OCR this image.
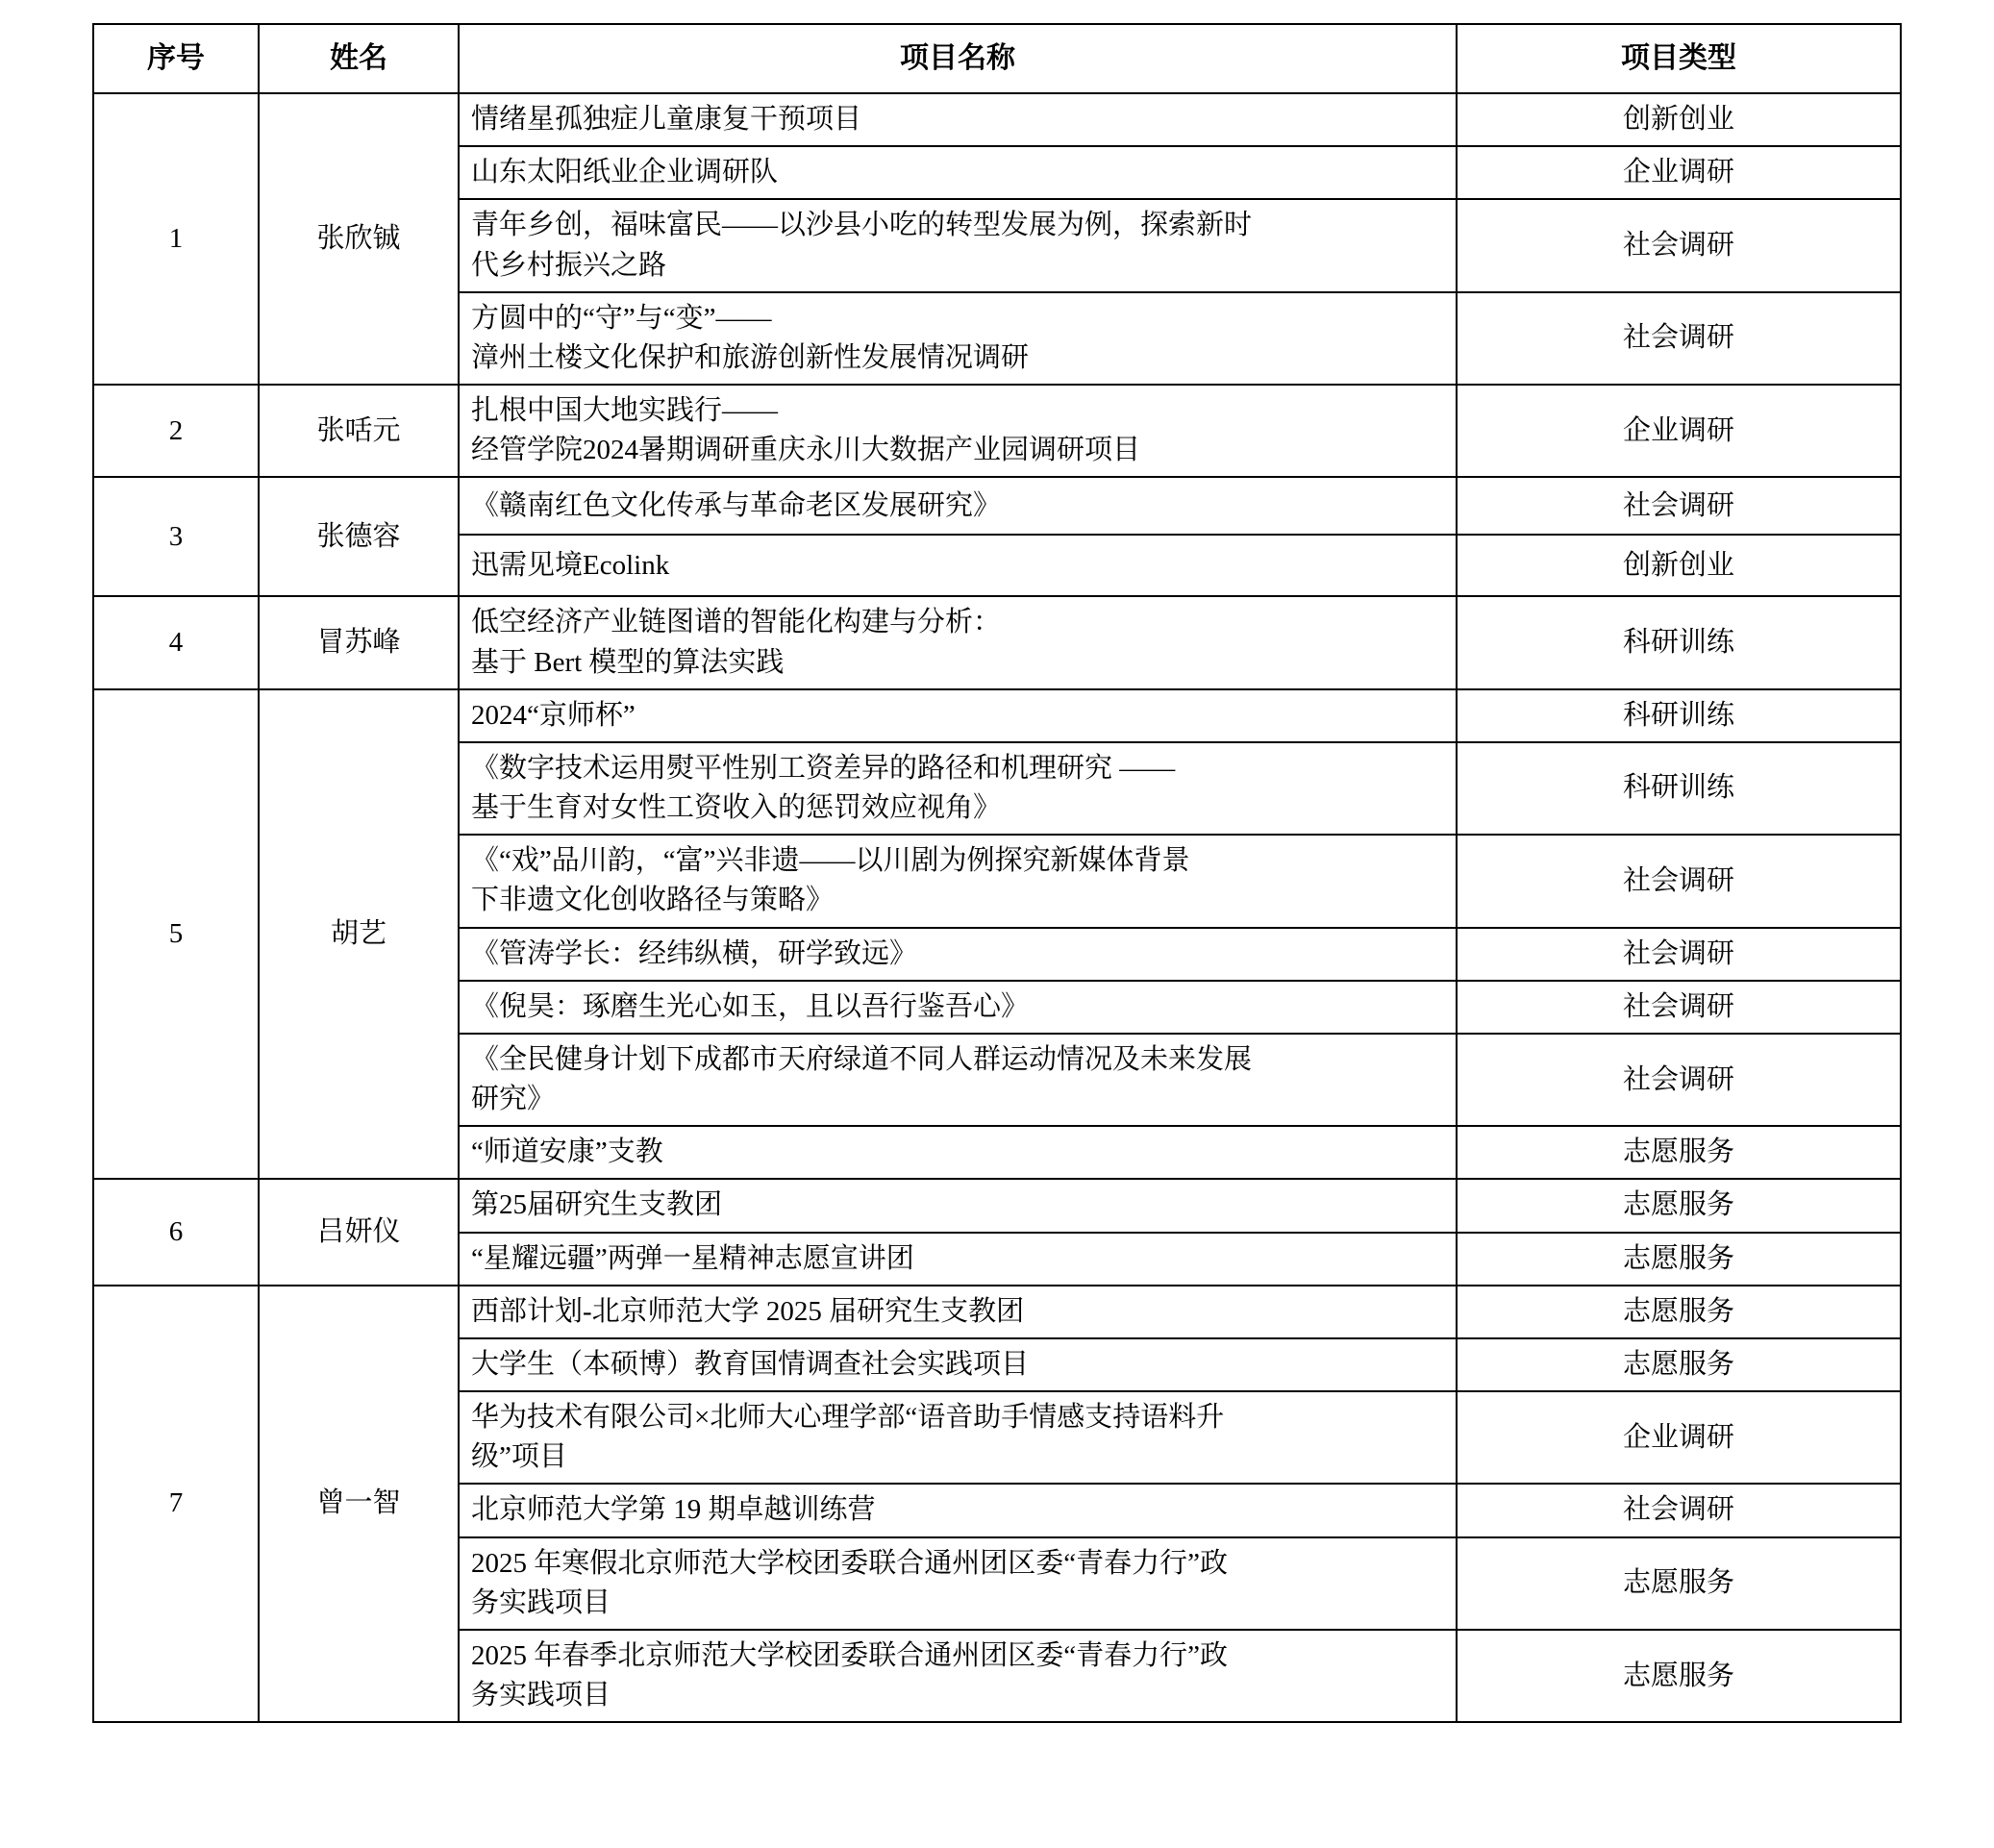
序号	姓名	项目名称	项目类型
1	张欣铖	情绪星孤独症儿童康复干预项目	创新创业

		山东太阳纸业企业调研队	企业调研

		青年乡创，福味富民——以沙县小吃的转型发展为例，探索新时
代乡村振兴之路	社会调研

		方圆中的“守”与“变”——
漳州土楼文化保护和旅游创新性发展情况调研	社会调研
2	张咶元	扎根中国大地实践行——
经管学院2024暑期调研重庆永川大数据产业园调研项目	企业调研
3	张德容	《赣南红色文化传承与革命老区发展研究》	社会调研

		迅需见境Ecolink	创新创业
4	冒苏峰	低空经济产业链图谱的智能化构建与分析：
基于 Bert 模型的算法实践	科研训练
5	胡艺	2024“京师杯”	科研训练

		《数字技术运用熨平性别工资差异的路径和机理研究 ——
基于生育对女性工资收入的惩罚效应视角》	科研训练

		《“戏”品川韵，“富”兴非遗——以川剧为例探究新媒体背景
下非遗文化创收路径与策略》	社会调研

		《管涛学长：经纬纵横，研学致远》	社会调研

		《倪昊：琢磨生光心如玉，且以吾行鉴吾心》	社会调研

		《全民健身计划下成都市天府绿道不同人群运动情况及未来发展
研究》	社会调研

		“师道安康”支教	志愿服务
6	吕妍仪	第25届研究生支教团	志愿服务

		“星耀远疆”两弹一星精神志愿宣讲团	志愿服务
7	曾一智	西部计划-北京师范大学 2025 届研究生支教团	志愿服务

		大学生（本硕博）教育国情调查社会实践项目	志愿服务

		华为技术有限公司×北师大心理学部“语音助手情感支持语料升
级”项目	企业调研

		北京师范大学第 19 期卓越训练营	社会调研

		2025 年寒假北京师范大学校团委联合通州团区委“青春力行”政
务实践项目	志愿服务

		2025 年春季北京师范大学校团委联合通州团区委“青春力行”政
务实践项目	志愿服务
